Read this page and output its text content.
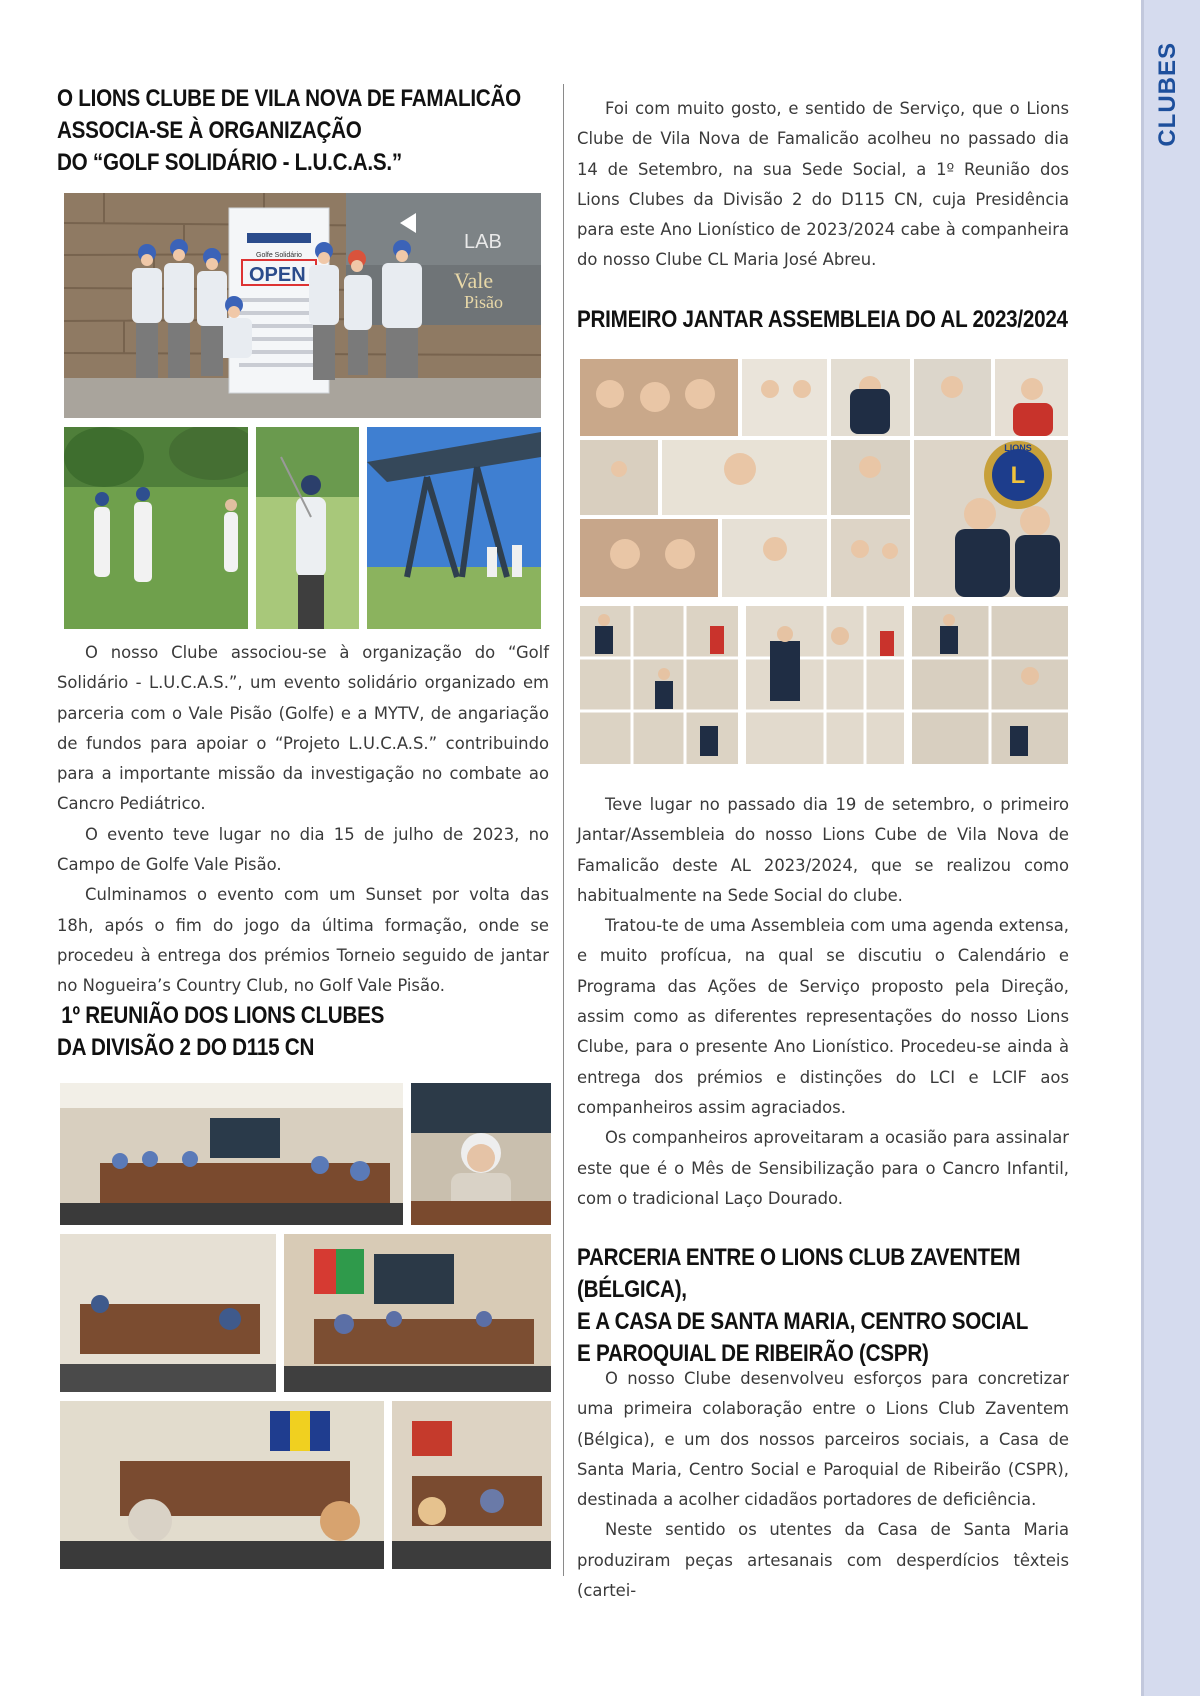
CLUBES
O LIONS CLUBE DE VILA NOVA DE FAMALICÃO
ASSOCIA-SE À ORGANIZAÇÃO
DO “GOLF SOLIDÁRIO - L.U.C.A.S.”
LAB
Vale
Pisão
Golfe Solidário
OPEN

O nosso Clube associou-se à organização do “Golf Solidário - L.U.C.A.S.”, um evento solidário organizado em parceria com o Vale Pisão (Golfe) e a MYTV, de angariação de fundos para apoiar o “Projeto L.U.C.A.S.” contribuindo para a importante missão da investigação no combate ao Cancro Pediátrico.

O evento teve lugar no dia 15 de julho de 2023, no Campo de Golfe Vale Pisão.

Culminamos o evento com um Sunset por volta das 18h, após o fim do jogo da última formação, onde se procedeu à entrega dos prémios Torneio seguido de jantar no Nogueira’s Country Club, no Golf Vale Pisão.

1º REUNIÃO DOS LIONS CLUBES
DA DIVISÃO 2 DO D115 CN

Foi com muito gosto, e sentido de Serviço, que o Lions Clube de Vila Nova de Famalicão acolheu no passado dia 14 de Setembro, na sua Sede Social, a 1º Reunião dos Lions Clubes da Divisão 2 do D115 CN, cuja Presidência para este Ano Lionístico de 2023/2024 cabe à companheira do nosso Clube CL Maria José Abreu.

PRIMEIRO JANTAR ASSEMBLEIA DO AL 2023/2024
L
LIONS

Teve lugar no passado dia 19 de setembro, o primeiro Jantar/Assembleia do nosso Lions Cube de Vila Nova de Famalicão deste AL 2023/2024, que se realizou como habitualmente na Sede Social do clube.

Tratou-te de uma Assembleia com uma agenda extensa, e muito profícua, na qual se discutiu o Calendário e Programa das Ações de Serviço proposto pela Direção, assim como as diferentes representações do nosso Lions Clube, para o presente Ano Lionístico. Procedeu-se ainda à entrega dos prémios e distinções do LCI e LCIF aos companheiros assim agraciados.

Os companheiros aproveitaram a ocasião para assinalar este que é o Mês de Sensibilização para o Cancro Infantil, com o tradicional Laço Dourado.

PARCERIA ENTRE O LIONS CLUB ZAVENTEM (BÉLGICA),
E A CASA DE SANTA MARIA, CENTRO SOCIAL
E PAROQUIAL DE RIBEIRÃO (CSPR)

O nosso Clube desenvolveu esforços para concretizar uma primeira colaboração entre o Lions Club Zaventem (Bélgica), e um dos nossos parceiros sociais, a Casa de Santa Maria, Centro Social e Paroquial de Ribeirão (CSPR), destinada a acolher cidadãos portadores de deficiência.

Neste sentido os utentes da Casa de Santa Maria produziram peças artesanais com desperdícios têxteis (cartei-
